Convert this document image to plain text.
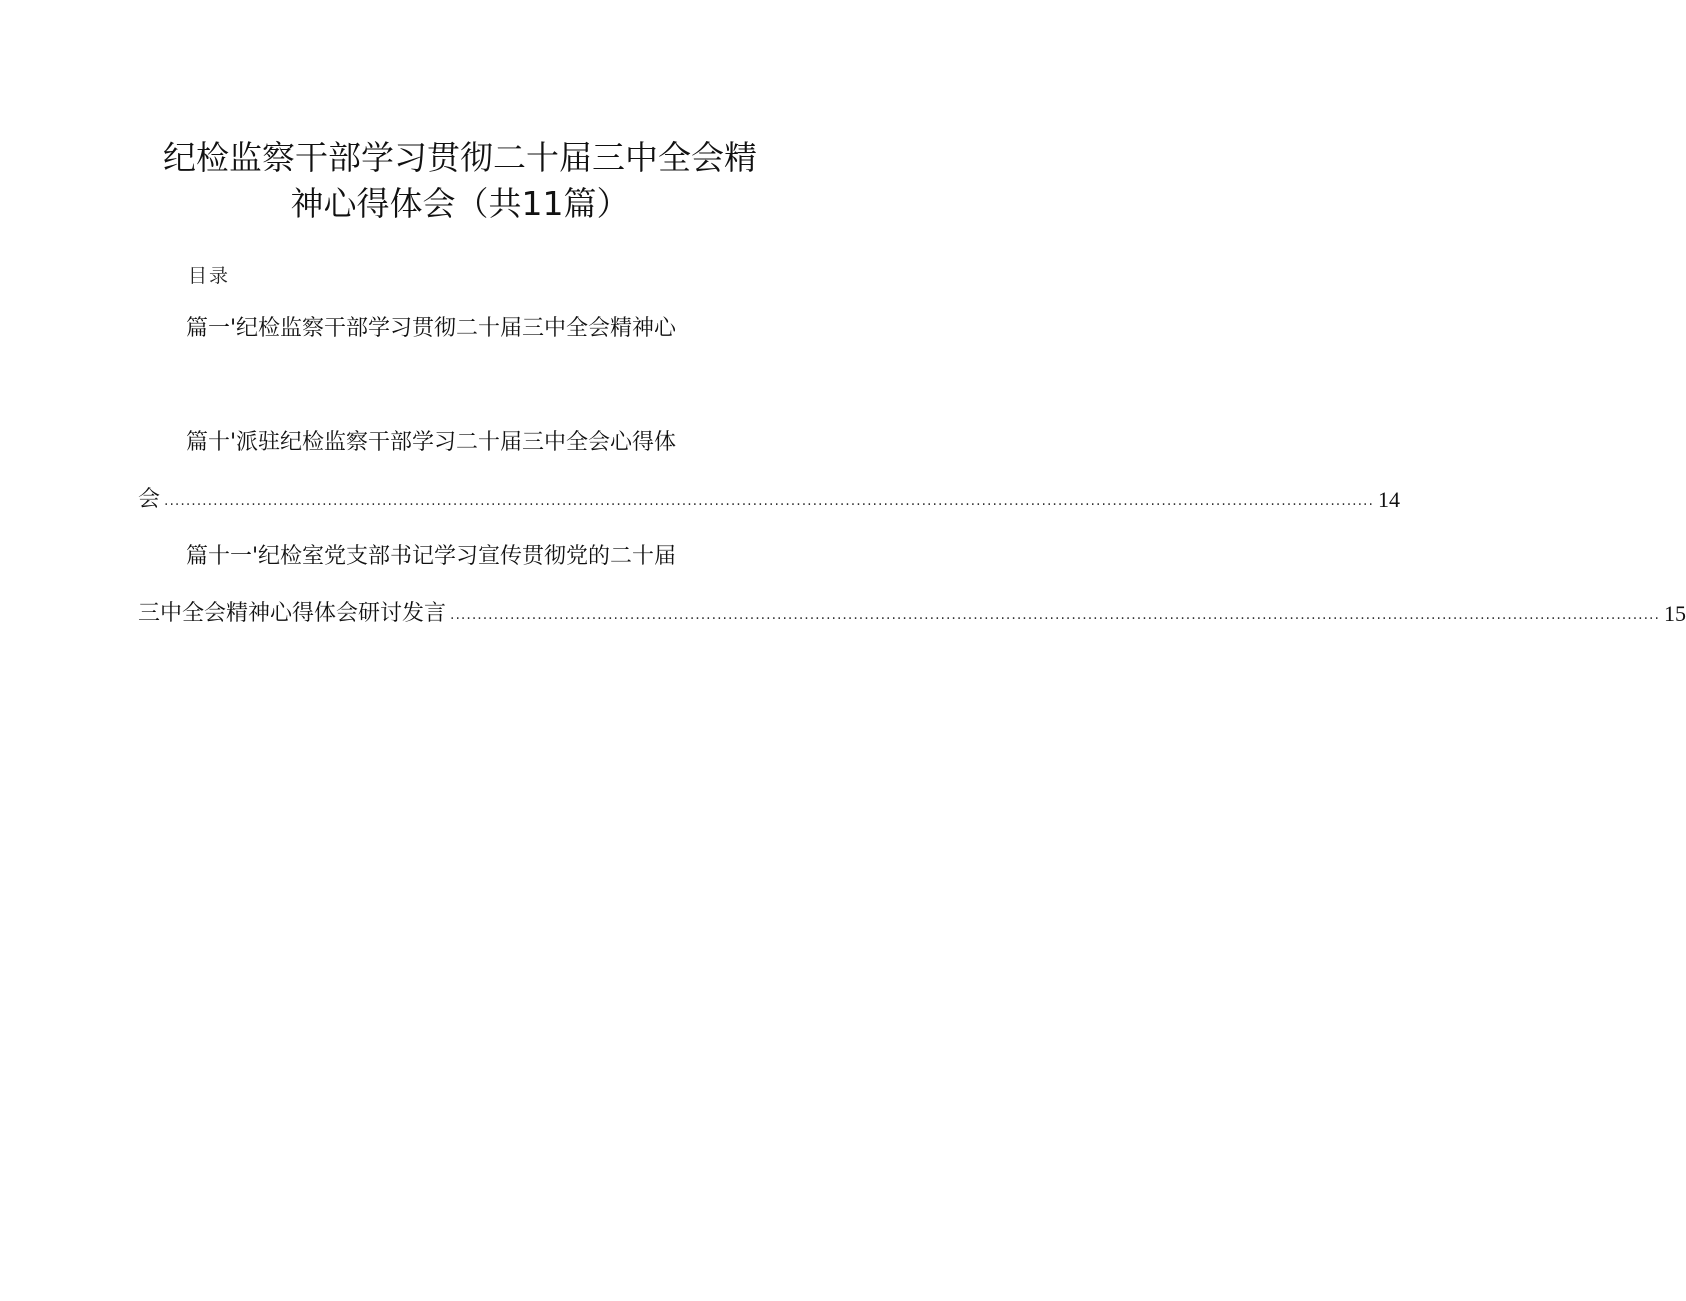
纪检监察干部学习贯彻二十届三中全会精
神心得体会（共11篇）
目录
篇一'纪检监察干部学习贯彻二十届三中全会精神心
篇十'派驻纪检监察干部学习二十届三中全会心得体
会 .............................................................................................................................................................................................................................. 14
篇十一'纪检室党支部书记学习宣传贯彻党的二十届
三中全会精神心得体会研讨发言 .............................................................................................................................................................................................................................. 15
